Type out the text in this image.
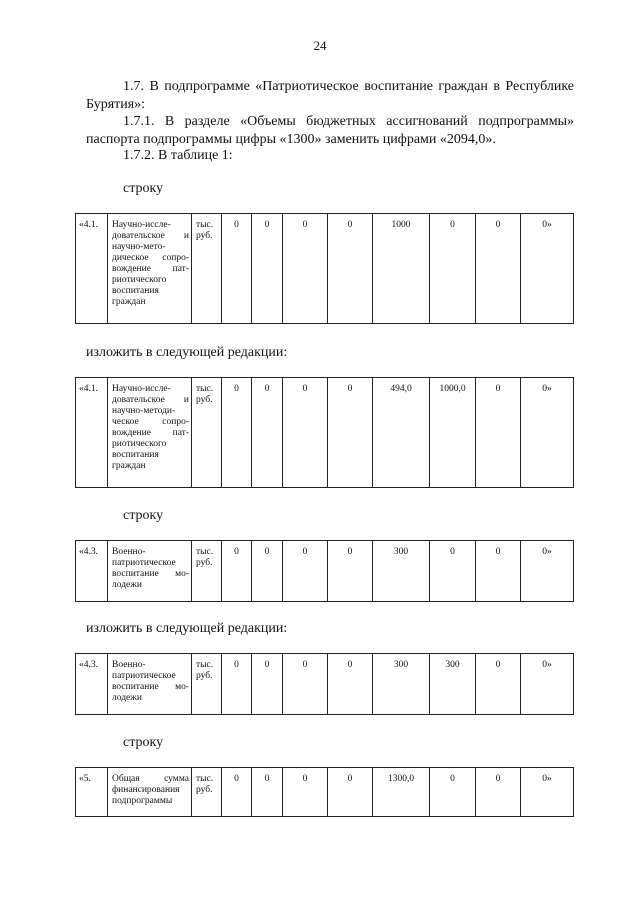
24
1.7. В подпрограмме «Патриотическое воспитание граждан в Республике Бурятия»:
1.7.1. В разделе «Объемы бюджетных ассигнований подпрограммы» паспорта подпрограммы цифры «1300» заменить цифрами «2094,0».
1.7.2. В таблице 1:
строку
«4.1.	Научно-иссле-довательское и научно-мето-дическое сопро-вождение пат-риотического воспитания граждан	тыс. руб.	0	0	0	0	1000	0	0	0»
изложить в следующей редакции:
«4.1.	Научно-иссле-довательское и научно-методи-ческое сопро-вождение пат-риотического воспитания граждан	тыс. руб.	0	0	0	0	494,0	1000,0	0	0»
строку
«4.3.	Военно-патриотическое воспитание мо-лодежи	тыс. руб.	0	0	0	0	300	0	0	0»
изложить в следующей редакции:
«4.3.	Военно-патриотическое воспитание мо-лодежи	тыс. руб.	0	0	0	0	300	300	0	0»
строку
«5.	Общая сумма финансирования подпрограммы	тыс. руб.	0	0	0	0	1300,0	0	0	0»
